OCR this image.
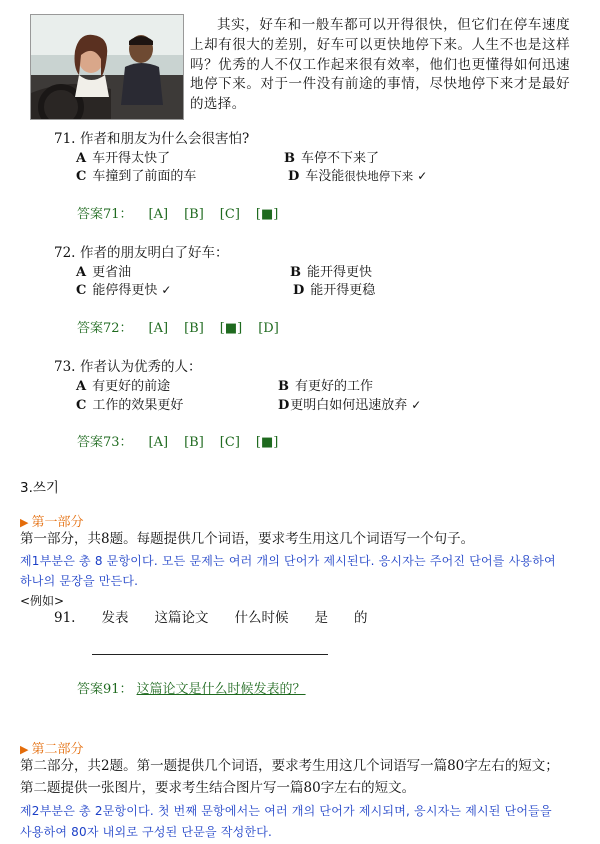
其实，好车和一般车都可以开得很快，但它们在停车速度上却有很大的差别，好车可以更快地停下来。人生不也是这样吗？优秀的人不仅工作起来很有效率，他们也更懂得如何迅速地停下来。对于一件没有前途的事情，尽快地停下来才是最好的选择。
71. 作者和朋友为什么会很害怕?
A 车开得太快了	B 车停不下来了
C 车撞到了前面的车	D 车没能很快地停下来 ✓
答案71： [A] [B] [C] [■]
72. 作者的朋友明白了好车：
A 更省油	B 能开得更快
C 能停得更快 ✓	D 能开得更稳
答案72： [A] [B] [■] [D]
73. 作者认为优秀的人：
A 有更好的前途	B 有更好的工作
C 工作的效果更好	D更明白如何迅速放弃 ✓
答案73： [A] [B] [C] [■]
3.쓰기
▶ 第一部分
第一部分，共8题。每题提供几个词语，要求考生用这几个词语写一个句子。
제1부분은 총 8 문항이다. 모든 문제는 여러 개의 단어가 제시된다. 응시자는 주어진 단어를 사용하여
하나의 문장을 만든다.
<例如>
91. 发表 这篇论文 什么时候 是 的
答案91： 这篇论文是什么时候发表的？
▶ 第二部分
第二部分，共2题。第一题提供几个词语，要求考生用这几个词语写一篇80字左右的短文；
第二题提供一张图片，要求考生结合图片写一篇80字左右的短文。
제2부분은 총 2문항이다. 첫 번째 문항에서는 여러 개의 단어가 제시되며, 응시자는 제시된 단어들을
사용하여 80자 내외로 구성된 단문을 작성한다.
